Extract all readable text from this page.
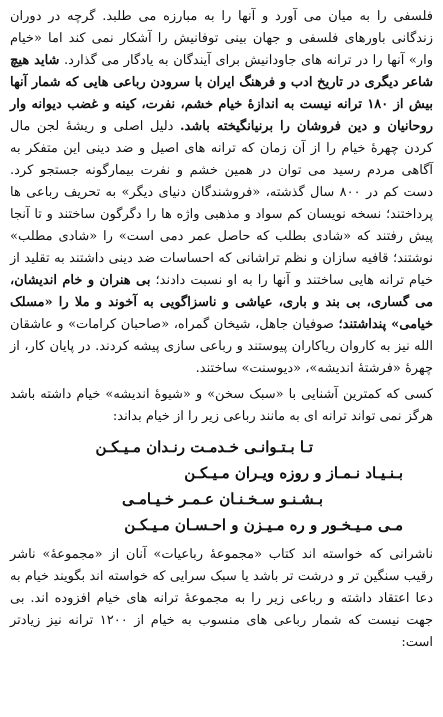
فلسفی را به میان می آورد و آنها را به مبارزه می طلبد. گرچه در دوران زندگانی باورهای فلسفی و جهان بینی توفانیش را آشکار نمی کند اما «خیام وار» آنها را در ترانه های جاودانیش برای آیندگان به یادگار می گذارد. شاید هیچ شاعر دیگری در تاریخ ادب و فرهنگ ایران با سرودن رباعی هایی که شمار آنها بیش از ۱۸۰ ترانه نیست به اندازهٔ خیام خشم، نفرت، کینه و غضب دیوانه وار روحانیان و دین فروشان را برنیانگیخته باشد. دلیل اصلی و ریشهٔ لجن مال کردن چهرهٔ خیام را از آن زمان که ترانه های اصیل و ضد دینی این متفکر به آگاهی مردم رسید می توان در همین خشم و نفرت بیمارگونه جستجو کرد. دست کم در ۸۰۰ سال گذشته، «فروشندگان دنیای دیگر» به تحریف رباعی ها پرداختند؛ نسخه نویسان کم سواد و مذهبی واژه ها را دگرگون ساختند و تا آنجا پیش رفتند که «شادی بطلب که حاصل عمر دمی است» را «شادی مطلب» نوشتند؛ قافیه سازان و نظم تراشانی که احساسات ضد دینی داشتند به تقلید از خیام ترانه هایی ساختند و آنها را به او نسبت دادند؛ بی هنران و خام اندیشان، می گساری، بی بند و باری، عیاشی و ناسزاگویی به آخوند و ملا را «مسلک خیامی» پنداشتند؛ صوفیان جاهل، شیخان گمراه، «صاحبان کرامات» و عاشقان الله نیز به کاروان ریاکاران پیوستند و رباعی سازی پیشه کردند. در پایان کار، از چهرهٔ «فرشتهٔ اندیشه»، «دیوسنت» ساختند.

کسی که کمترین آشنایی با «سبک سخن» و «شیوهٔ اندیشه» خیام داشته باشد هرگز نمی تواند ترانه ای به مانند رباعی زیر را از خیام بداند:

تـا بـتـوانـی خـدمـت رنـدان مـیـکـن
بـنـیـاد نـمـاز و روزه ویـران مـیـکـن
بـشـنـو سـخـنـان عـمـر خـیـامـی
مـی مـیـخـور و ره مـیـزن و احـسـان مـیـکـن

ناشرانی که خواسته اند کتاب «مجموعهٔ رباعیات» آنان از «مجموعهٔ» ناشر رقیب سنگین تر و درشت تر باشد یا سبک سرایی که خواسته اند بگویند خیام به دعا اعتقاد داشته و رباعی زیر را به مجموعهٔ ترانه های خیام افزوده اند. بی جهت نیست که شمار رباعی های منسوب به خیام از ۱۲۰۰ ترانه نیز زیادتر است:
